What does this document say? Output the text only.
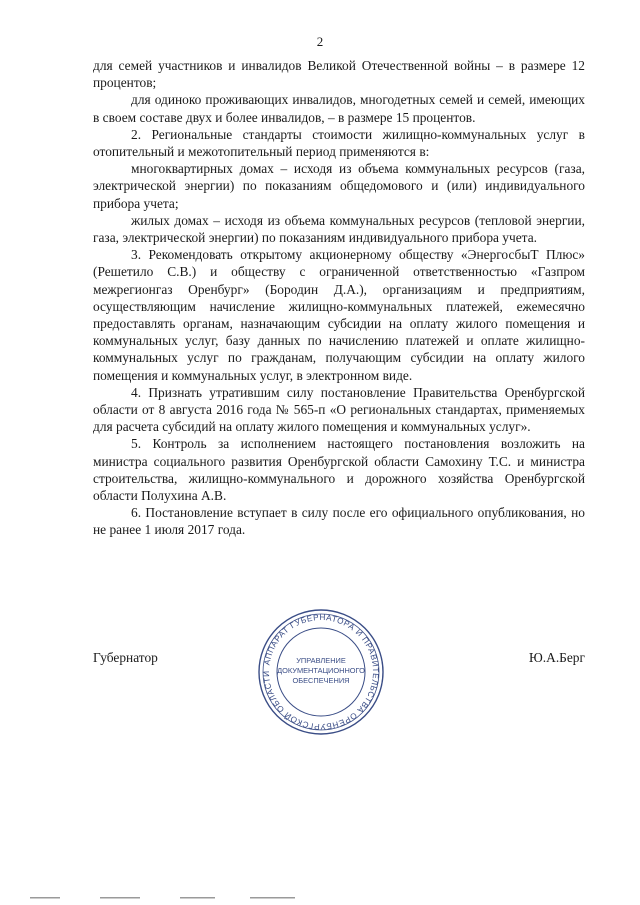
2

для семей участников и инвалидов Великой Отечественной войны – в размере 12 процентов;

для одиноко проживающих инвалидов, многодетных семей и семей, имеющих в своем составе двух и более инвалидов, – в размере 15 процентов.

2. Региональные стандарты стоимости жилищно-коммунальных услуг в отопительный и межотопительный период применяются в:

многоквартирных домах – исходя из объема коммунальных ресурсов (газа, электрической энергии) по показаниям общедомового и (или) индивидуального прибора учета;

жилых домах – исходя из объема коммунальных ресурсов (тепловой энергии, газа, электрической энергии) по показаниям индивидуального прибора учета.

3. Рекомендовать открытому акционерному обществу «ЭнергосбыТ Плюс» (Решетило С.В.) и обществу с ограниченной ответственностью «Газпром межрегионгаз Оренбург» (Бородин Д.А.), организациям и предприятиям, осуществляющим начисление жилищно-коммунальных платежей, ежемесячно предоставлять органам, назначающим субсидии на оплату жилого помещения и коммунальных услуг, базу данных по начислению платежей и оплате жилищно-коммунальных услуг по гражданам, получающим субсидии на оплату жилого помещения и коммунальных услуг, в электронном виде.

4. Признать утратившим силу постановление Правительства Оренбургской области от 8 августа 2016 года № 565-п «О региональных стандартах, применяемых для расчета субсидий на оплату жилого помещения и коммунальных услуг».

5. Контроль за исполнением настоящего постановления возложить на министра социального развития Оренбургской области Самохину Т.С. и министра строительства, жилищно-коммунального и дорожного хозяйства Оренбургской области Полухина А.В.

6. Постановление вступает в силу после его официального опубликования, но не ранее 1 июля 2017 года.

Губернатор	Ю.А.Берг
АППАРАТ ГУБЕРНАТОРА И ПРАВИТЕЛЬСТВА ОРЕНБУРГСКОЙ ОБЛАСТИ
УПРАВЛЕНИЕ
ДОКУМЕНТАЦИОННОГО
ОБЕСПЕЧЕНИЯ
